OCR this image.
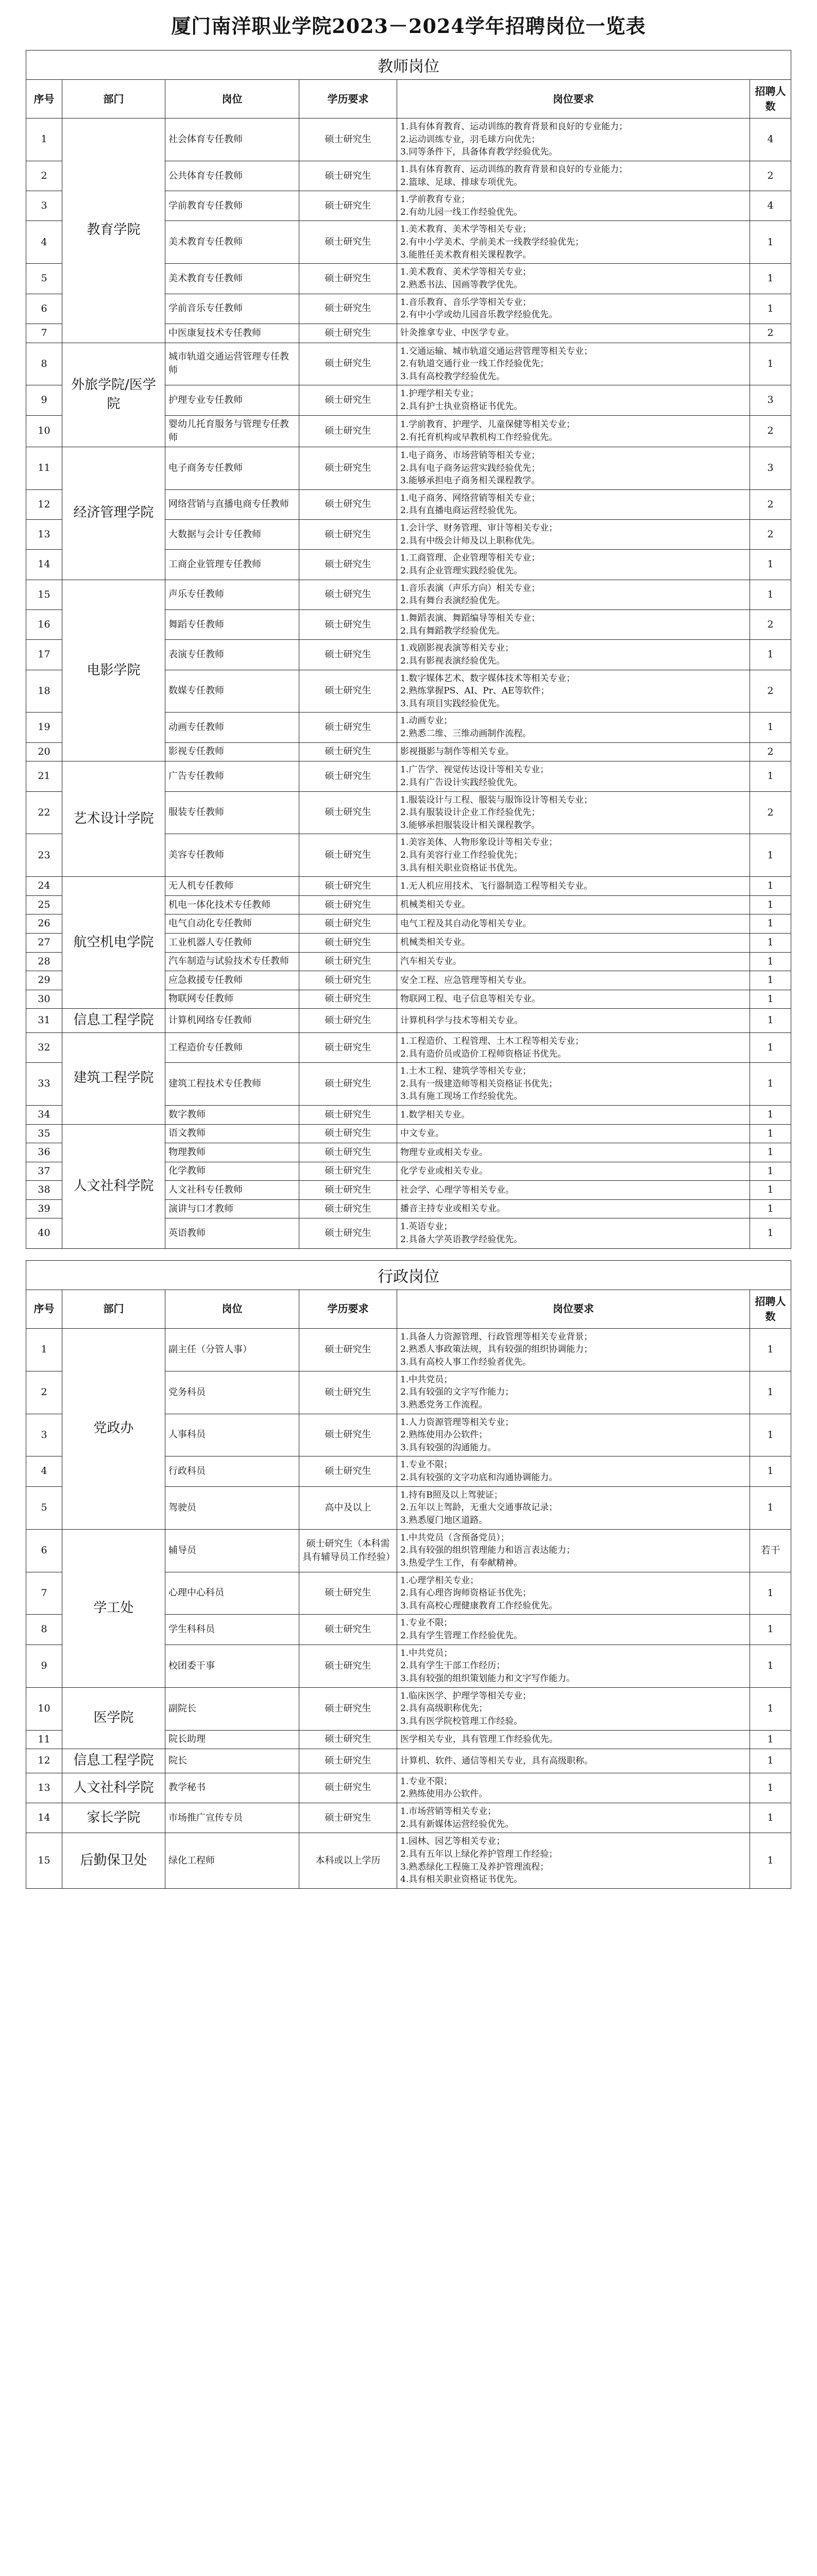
厦门南洋职业学院2023－2024学年招聘岗位一览表
教师岗位
序号	部门	岗位	学历要求	岗位要求	招聘人数
1	教育学院	社会体育专任教师	硕士研究生	1.具有体育教育、运动训练的教育背景和良好的专业能力；
2.运动训练专业，羽毛球方向优先；
3.同等条件下，具备体育教学经验优先。	4
2		公共体育专任教师	硕士研究生	1.具有体育教育、运动训练的教育背景和良好的专业能力；
2.篮球、足球、排球专项优先。	2
3		学前教育专任教师	硕士研究生	1.学前教育专业；
2.有幼儿园一线工作经验优先。	4
4		美术教育专任教师	硕士研究生	1.美术教育、美术学等相关专业；
2.有中小学美术、学前美术一线教学经验优先；
3.能胜任美术教育相关课程教学。	1
5		美术教育专任教师	硕士研究生	1.美术教育、美术学等相关专业；
2.熟悉书法、国画等教学优先。	1
6		学前音乐专任教师	硕士研究生	1.音乐教育、音乐学等相关专业；
2.有中小学或幼儿园音乐教学经验优先。	1
7		中医康复技术专任教师	硕士研究生	针灸推拿专业、中医学专业。	2
8	外旅学院/医学院	城市轨道交通运营管理专任教师	硕士研究生	1.交通运输、城市轨道交通运营管理等相关专业；
2.有轨道交通行业一线工作经验优先；
3.具有高校教学经验优先。	1
9		护理专业专任教师	硕士研究生	1.护理学相关专业；
2.具有护士执业资格证书优先。	3
10		婴幼儿托育服务与管理专任教师	硕士研究生	1.学前教育、护理学、儿童保健等相关专业；
2.有托育机构或早教机构工作经验优先。	2
11	经济管理学院	电子商务专任教师	硕士研究生	1.电子商务、市场营销等相关专业；
2.具有电子商务运营实践经验优先；
3.能够承担电子商务相关课程教学。	3
12		网络营销与直播电商专任教师	硕士研究生	1.电子商务、网络营销等相关专业；
2.具有直播电商运营经验优先。	2
13		大数据与会计专任教师	硕士研究生	1.会计学、财务管理、审计等相关专业；
2.具有中级会计师及以上职称优先。	2
14		工商企业管理专任教师	硕士研究生	1.工商管理、企业管理等相关专业；
2.具有企业管理实践经验优先。	1
15	电影学院	声乐专任教师	硕士研究生	1.音乐表演（声乐方向）相关专业；
2.具有舞台表演经验优先。	1
16		舞蹈专任教师	硕士研究生	1.舞蹈表演、舞蹈编导等相关专业；
2.具有舞蹈教学经验优先。	2
17		表演专任教师	硕士研究生	1.戏剧影视表演等相关专业；
2.具有影视表演经验优先。	1
18		数媒专任教师	硕士研究生	1.数字媒体艺术、数字媒体技术等相关专业；
2.熟练掌握PS、AI、Pr、AE等软件；
3.具有项目实践经验优先。	2
19		动画专任教师	硕士研究生	1.动画专业；
2.熟悉二维、三维动画制作流程。	1
20		影视专任教师	硕士研究生	影视摄影与制作等相关专业。	2
21	艺术设计学院	广告专任教师	硕士研究生	1.广告学、视觉传达设计等相关专业；
2.具有广告设计实践经验优先。	1
22		服装专任教师	硕士研究生	1.服装设计与工程、服装与服饰设计等相关专业；
2.具有服装设计企业工作经验优先；
3.能够承担服装设计相关课程教学。	2
23		美容专任教师	硕士研究生	1.美容美体、人物形象设计等相关专业；
2.具有美容行业工作经验优先；
3.具有相关职业资格证书优先。	1
24	航空机电学院	无人机专任教师	硕士研究生	1.无人机应用技术、飞行器制造工程等相关专业。	1
25		机电一体化技术专任教师	硕士研究生	机械类相关专业。	1
26		电气自动化专任教师	硕士研究生	电气工程及其自动化等相关专业。	1
27		工业机器人专任教师	硕士研究生	机械类相关专业。	1
28		汽车制造与试验技术专任教师	硕士研究生	汽车相关专业。	1
29		应急救援专任教师	硕士研究生	安全工程、应急管理等相关专业。	1
30		物联网专任教师	硕士研究生	物联网工程、电子信息等相关专业。	1
31	信息工程学院	计算机网络专任教师	硕士研究生	计算机科学与技术等相关专业。	1
32	建筑工程学院	工程造价专任教师	硕士研究生	1.工程造价、工程管理、土木工程等相关专业；
2.具有造价员或造价工程师资格证书优先。	1
33		建筑工程技术专任教师	硕士研究生	1.土木工程、建筑学等相关专业；
2.具有一级建造师等相关资格证书优先；
3.具有施工现场工作经验优先。	1
34		数字教师	硕士研究生	1.数学相关专业。	1
35	人文社科学院	语文教师	硕士研究生	中文专业。	1
36		物理教师	硕士研究生	物理专业或相关专业。	1
37		化学教师	硕士研究生	化学专业或相关专业。	1
38		人文社科专任教师	硕士研究生	社会学、心理学等相关专业。	1
39		演讲与口才教师	硕士研究生	播音主持专业或相关专业。	1
40		英语教师	硕士研究生	1.英语专业；
2.具备大学英语教学经验优先。	1
行政岗位
序号	部门	岗位	学历要求	岗位要求	招聘人数
1	党政办	副主任（分管人事）	硕士研究生	1.具备人力资源管理、行政管理等相关专业背景；
2.熟悉人事政策法规，具有较强的组织协调能力；
3.具有高校人事工作经验者优先。	1
2		党务科员	硕士研究生	1.中共党员；
2.具有较强的文字写作能力；
3.熟悉党务工作流程。	1
3		人事科员	硕士研究生	1.人力资源管理等相关专业；
2.熟练使用办公软件；
3.具有较强的沟通能力。	1
4		行政科员	硕士研究生	1.专业不限；
2.具有较强的文字功底和沟通协调能力。	1
5		驾驶员	高中及以上	1.持有B照及以上驾驶证；
2.五年以上驾龄，无重大交通事故记录；
3.熟悉厦门地区道路。	1
6	学工处	辅导员	硕士研究生（本科需具有辅导员工作经验）	1.中共党员（含预备党员）；
2.具有较强的组织管理能力和语言表达能力；
3.热爱学生工作，有奉献精神。	若干
7		心理中心科员	硕士研究生	1.心理学相关专业；
2.具有心理咨询师资格证书优先；
3.具有高校心理健康教育工作经验优先。	1
8		学生科科员	硕士研究生	1.专业不限；
2.具有学生管理工作经验优先。	1
9		校团委干事	硕士研究生	1.中共党员；
2.具有学生干部工作经历；
3.具有较强的组织策划能力和文字写作能力。	1
10	医学院	副院长	硕士研究生	1.临床医学、护理学等相关专业；
2.具有高级职称优先；
3.具有医学院校管理工作经验。	1
11		院长助理	硕士研究生	医学相关专业，具有管理工作经验优先。	1
12	信息工程学院	院长	硕士研究生	计算机、软件、通信等相关专业，具有高级职称。	1
13	人文社科学院	教学秘书	硕士研究生	1.专业不限；
2.熟练使用办公软件。	1
14	家长学院	市场推广宣传专员	硕士研究生	1.市场营销等相关专业；
2.具有新媒体运营经验优先。	1
15	后勤保卫处	绿化工程师	本科或以上学历	1.园林、园艺等相关专业；
2.具有五年以上绿化养护管理工作经验；
3.熟悉绿化工程施工及养护管理流程；
4.具有相关职业资格证书优先。	1
